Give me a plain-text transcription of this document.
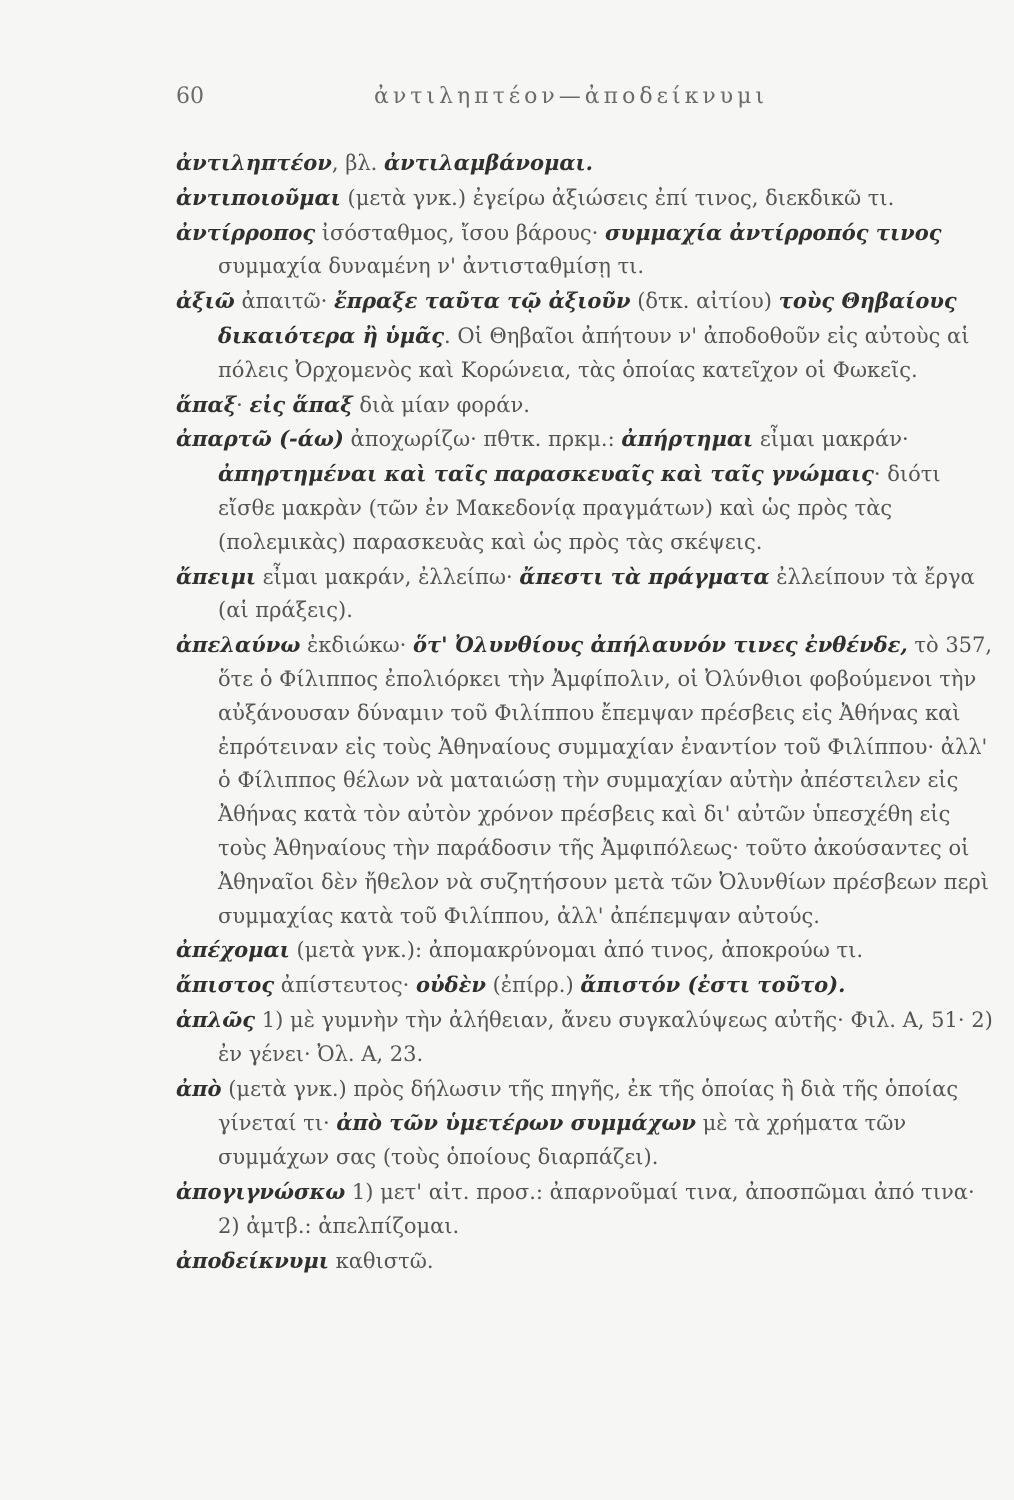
60	ἀντιληπτέον—ἀποδείκνυμι

ἀντιληπτέον, βλ. ἀντιλαμβάνομαι.

ἀντιποιοῦμαι (μετὰ γνκ.) ἐγείρω ἀξιώσεις ἐπί τινος, διεκδικῶ τι.

ἀντίρροπος ἰσόσταθμος, ἴσου βάρους· συμμαχία ἀντίρροπός τινος συμμαχία δυναμένη ν' ἀντισταθμίσῃ τι.

ἀξιῶ ἀπαιτῶ· ἔπραξε ταῦτα τῷ ἀξιοῦν (δτκ. αἰτίου) τοὺς Θηβαίους δικαιότερα ἢ ὑμᾶς. Οἱ Θηβαῖοι ἀπήτουν ν' ἀποδοθοῦν εἰς αὐτοὺς αἱ πόλεις Ὀρχομενὸς καὶ Κορώνεια, τὰς ὁποίας κατεῖχον οἱ Φωκεῖς.

ἅπαξ· εἰς ἅπαξ διὰ μίαν φοράν.

ἀπαρτῶ (-άω) ἀποχωρίζω· πθτκ. πρκμ.: ἀπήρτημαι εἶμαι μακράν· ἀπηρτημέναι καὶ ταῖς παρασκευαῖς καὶ ταῖς γνώμαις· διότι εἴσθε μακρὰν (τῶν ἐν Μακεδονίᾳ πραγμάτων) καὶ ὡς πρὸς τὰς (πολεμικὰς) παρασκευὰς καὶ ὡς πρὸς τὰς σκέψεις.

ἄπειμι εἶμαι μακράν, ἐλλείπω· ἄπεστι τὰ πράγματα ἐλλείπουν τὰ ἔργα (αἱ πράξεις).

ἀπελαύνω ἐκδιώκω· ὅτ' Ὀλυνθίους ἀπήλαυνόν τινες ἐνθένδε, τὸ 357, ὅτε ὁ Φίλιππος ἐπολιόρκει τὴν Ἀμφίπολιν, οἱ Ὀλύνθιοι φοβούμενοι τὴν αὐξάνουσαν δύναμιν τοῦ Φιλίππου ἔπεμψαν πρέσβεις εἰς Ἀθήνας καὶ ἐπρότειναν εἰς τοὺς Ἀθηναίους συμμαχίαν ἐναντίον τοῦ Φιλίππου· ἀλλ' ὁ Φίλιππος θέλων νὰ ματαιώσῃ τὴν συμμαχίαν αὐτὴν ἀπέστειλεν εἰς Ἀθήνας κατὰ τὸν αὐτὸν χρόνον πρέσβεις καὶ δι' αὐτῶν ὑπεσχέθη εἰς τοὺς Ἀθηναίους τὴν παράδοσιν τῆς Ἀμφιπόλεως· τοῦτο ἀκούσαντες οἱ Ἀθηναῖοι δὲν ἤθελον νὰ συζητήσουν μετὰ τῶν Ὀλυνθίων πρέσβεων περὶ συμμαχίας κατὰ τοῦ Φιλίππου, ἀλλ' ἀπέπεμψαν αὐτούς.

ἀπέχομαι (μετὰ γνκ.): ἀπομακρύνομαι ἀπό τινος, ἀποκρούω τι.

ἄπιστος ἀπίστευτος· οὐδὲν (ἐπίρρ.) ἄπιστόν (ἐστι τοῦτο).

ἁπλῶς 1) μὲ γυμνὴν τὴν ἀλήθειαν, ἄνευ συγκαλύψεως αὐτῆς· Φιλ. Α, 51· 2) ἐν γένει· Ὀλ. Α, 23.

ἀπὸ (μετὰ γνκ.) πρὸς δήλωσιν τῆς πηγῆς, ἐκ τῆς ὁποίας ἢ διὰ τῆς ὁποίας γίνεταί τι· ἀπὸ τῶν ὑμετέρων συμμάχων μὲ τὰ χρήματα τῶν συμμάχων σας (τοὺς ὁποίους διαρπάζει).

ἀπογιγνώσκω 1) μετ' αἰτ. προσ.: ἀπαρνοῦμαί τινα, ἀποσπῶμαι ἀπό τινα· 2) ἀμτβ.: ἀπελπίζομαι.

ἀποδείκνυμι καθιστῶ.
